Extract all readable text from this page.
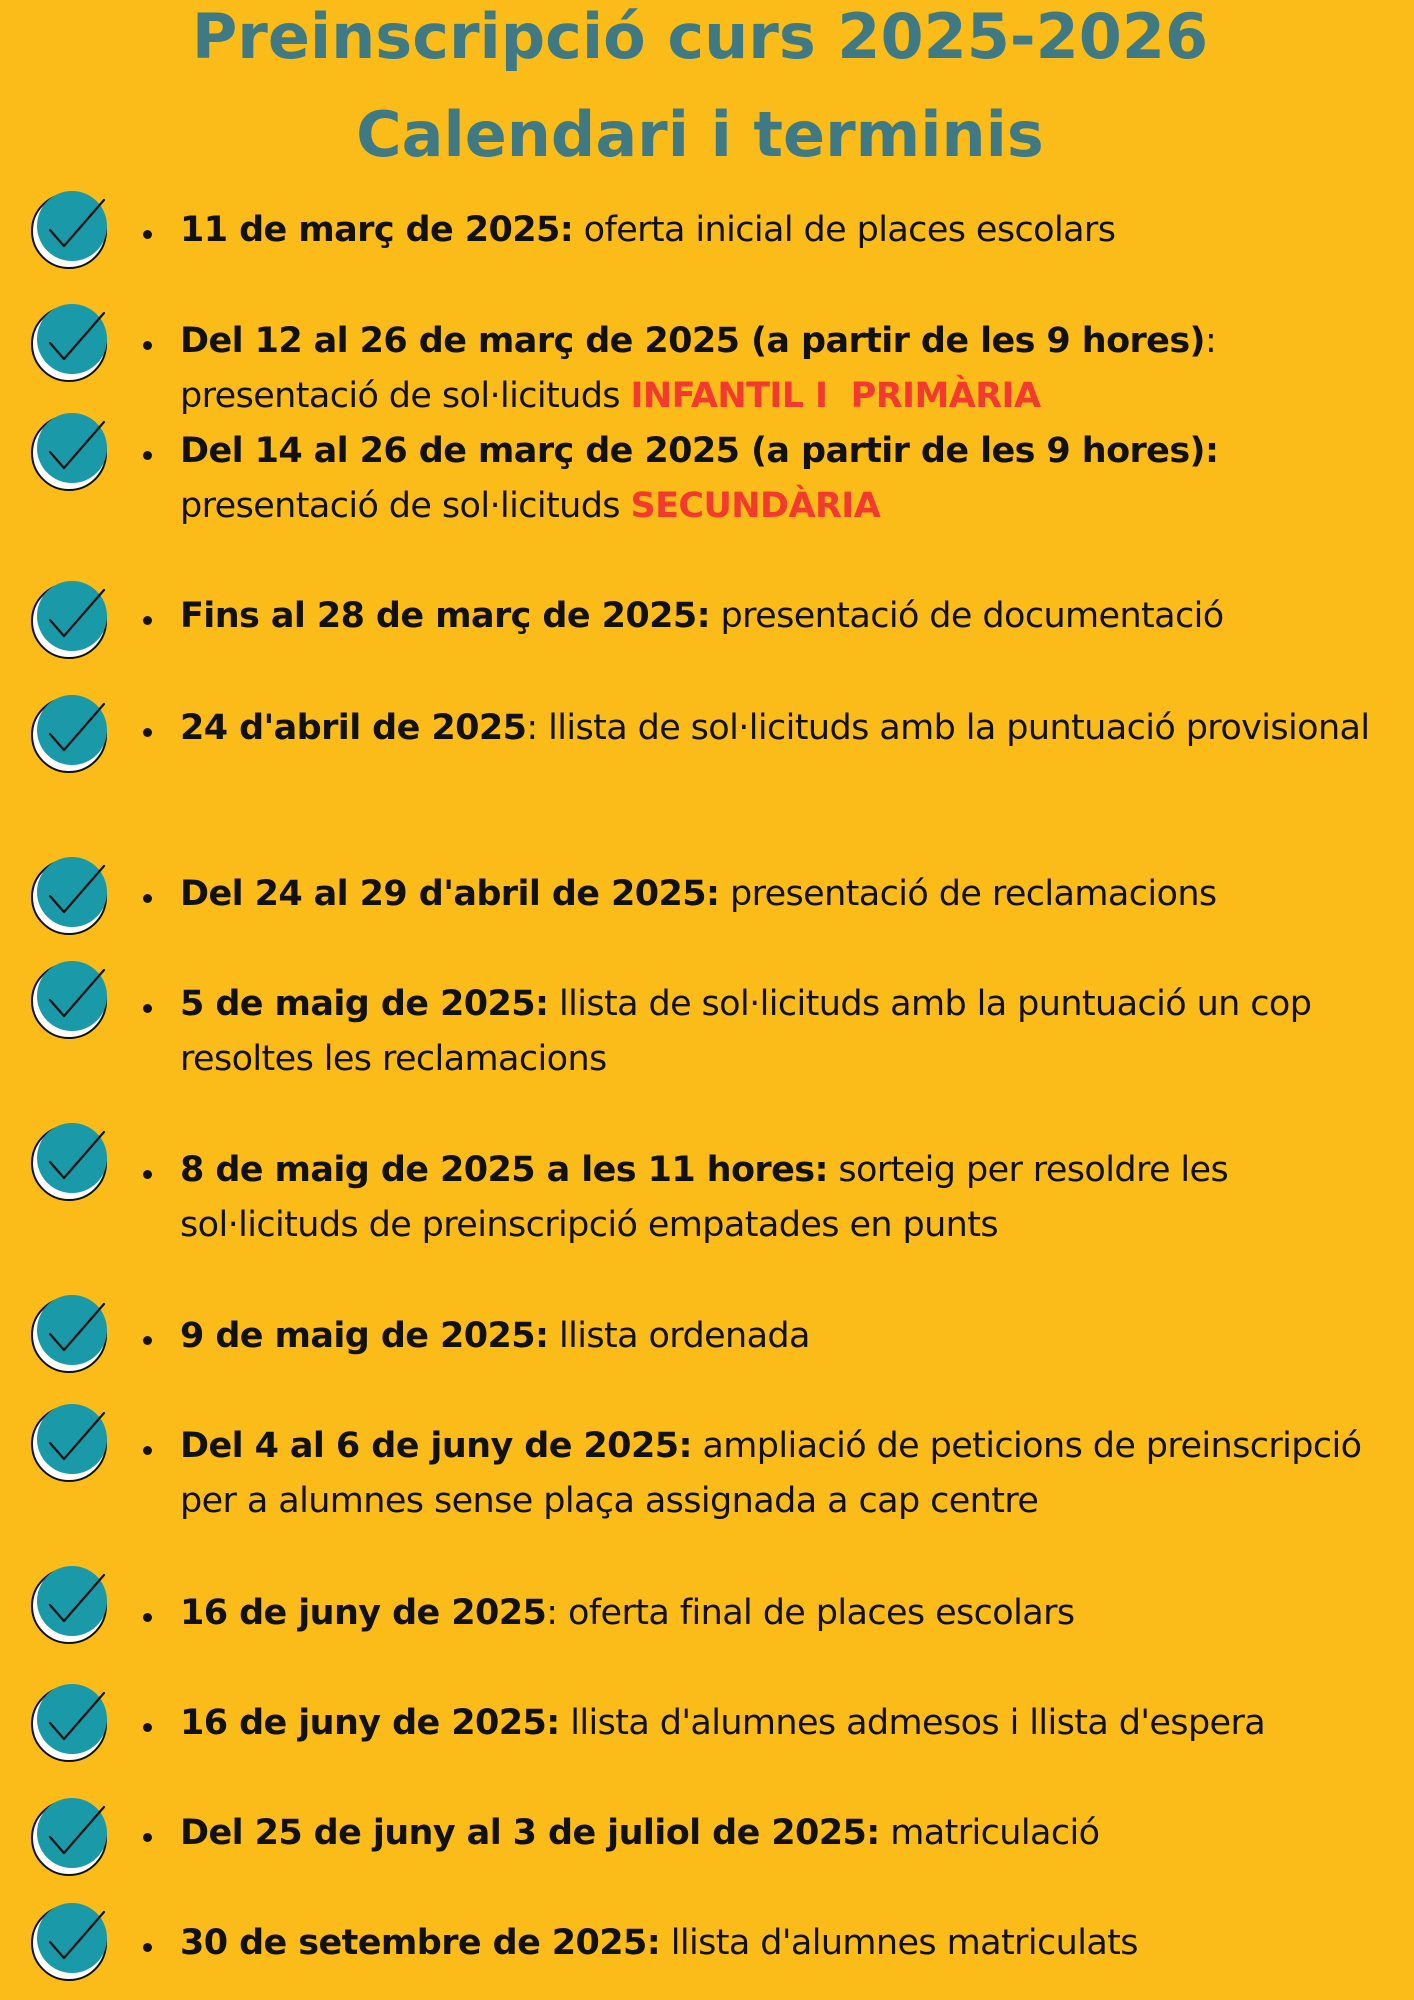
Preinscripció curs 2025-2026
Calendari i terminis
11 de març de 2025: oferta inicial de places escolars
Del 12 al 26 de març de 2025 (a partir de les 9 hores): presentació de sol·licituds INFANTIL I  PRIMÀRIA
Del 14 al 26 de març de 2025 (a partir de les 9 hores): presentació de sol·licituds SECUNDÀRIA
Fins al 28 de març de 2025: presentació de documentació
24 d'abril de 2025: llista de sol·licituds amb la puntuació provisional
Del 24 al 29 d'abril de 2025: presentació de reclamacions
5 de maig de 2025: llista de sol·licituds amb la puntuació un cop resoltes les reclamacions
8 de maig de 2025 a les 11 hores: sorteig per resoldre les sol·licituds de preinscripció empatades en punts
9 de maig de 2025: llista ordenada
Del 4 al 6 de juny de 2025: ampliació de peticions de preinscripció per a alumnes sense plaça assignada a cap centre
16 de juny de 2025: oferta final de places escolars
16 de juny de 2025: llista d'alumnes admesos i llista d'espera
Del 25 de juny al 3 de juliol de 2025: matriculació
30 de setembre de 2025: llista d'alumnes matriculats
